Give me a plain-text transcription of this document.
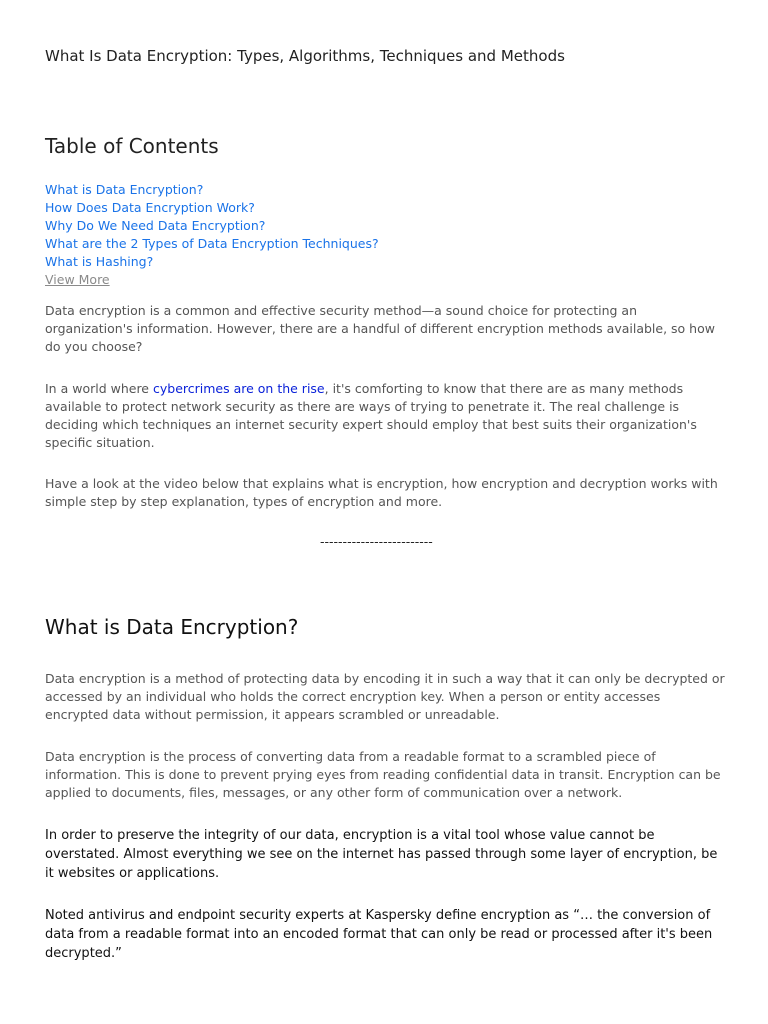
What Is Data Encryption: Types, Algorithms, Techniques and Methods
Table of Contents
What is Data Encryption?
How Does Data Encryption Work?
Why Do We Need Data Encryption?
What are the 2 Types of Data Encryption Techniques?
What is Hashing?
View More

Data encryption is a common and effective security method—a sound choice for protecting an organization's information. However, there are a handful of different encryption methods available, so how do you choose?

In a world where cybercrimes are on the rise, it's comforting to know that there are as many methods available to protect network security as there are ways of trying to penetrate it. The real challenge is deciding which techniques an internet security expert should employ that best suits their organization's specific situation.

Have a look at the video below that explains what is encryption, how encryption and decryption works with simple step by step explanation, types of encryption and more.

-------------------------
What is Data Encryption?

Data encryption is a method of protecting data by encoding it in such a way that it can only be decrypted or accessed by an individual who holds the correct encryption key. When a person or entity accesses encrypted data without permission, it appears scrambled or unreadable.

Data encryption is the process of converting data from a readable format to a scrambled piece of information. This is done to prevent prying eyes from reading confidential data in transit. Encryption can be applied to documents, files, messages, or any other form of communication over a network.

In order to preserve the integrity of our data, encryption is a vital tool whose value cannot be overstated. Almost everything we see on the internet has passed through some layer of encryption, be it websites or applications.

Noted antivirus and endpoint security experts at Kaspersky define encryption as “… the conversion of data from a readable format into an encoded format that can only be read or processed after it's been decrypted.”
